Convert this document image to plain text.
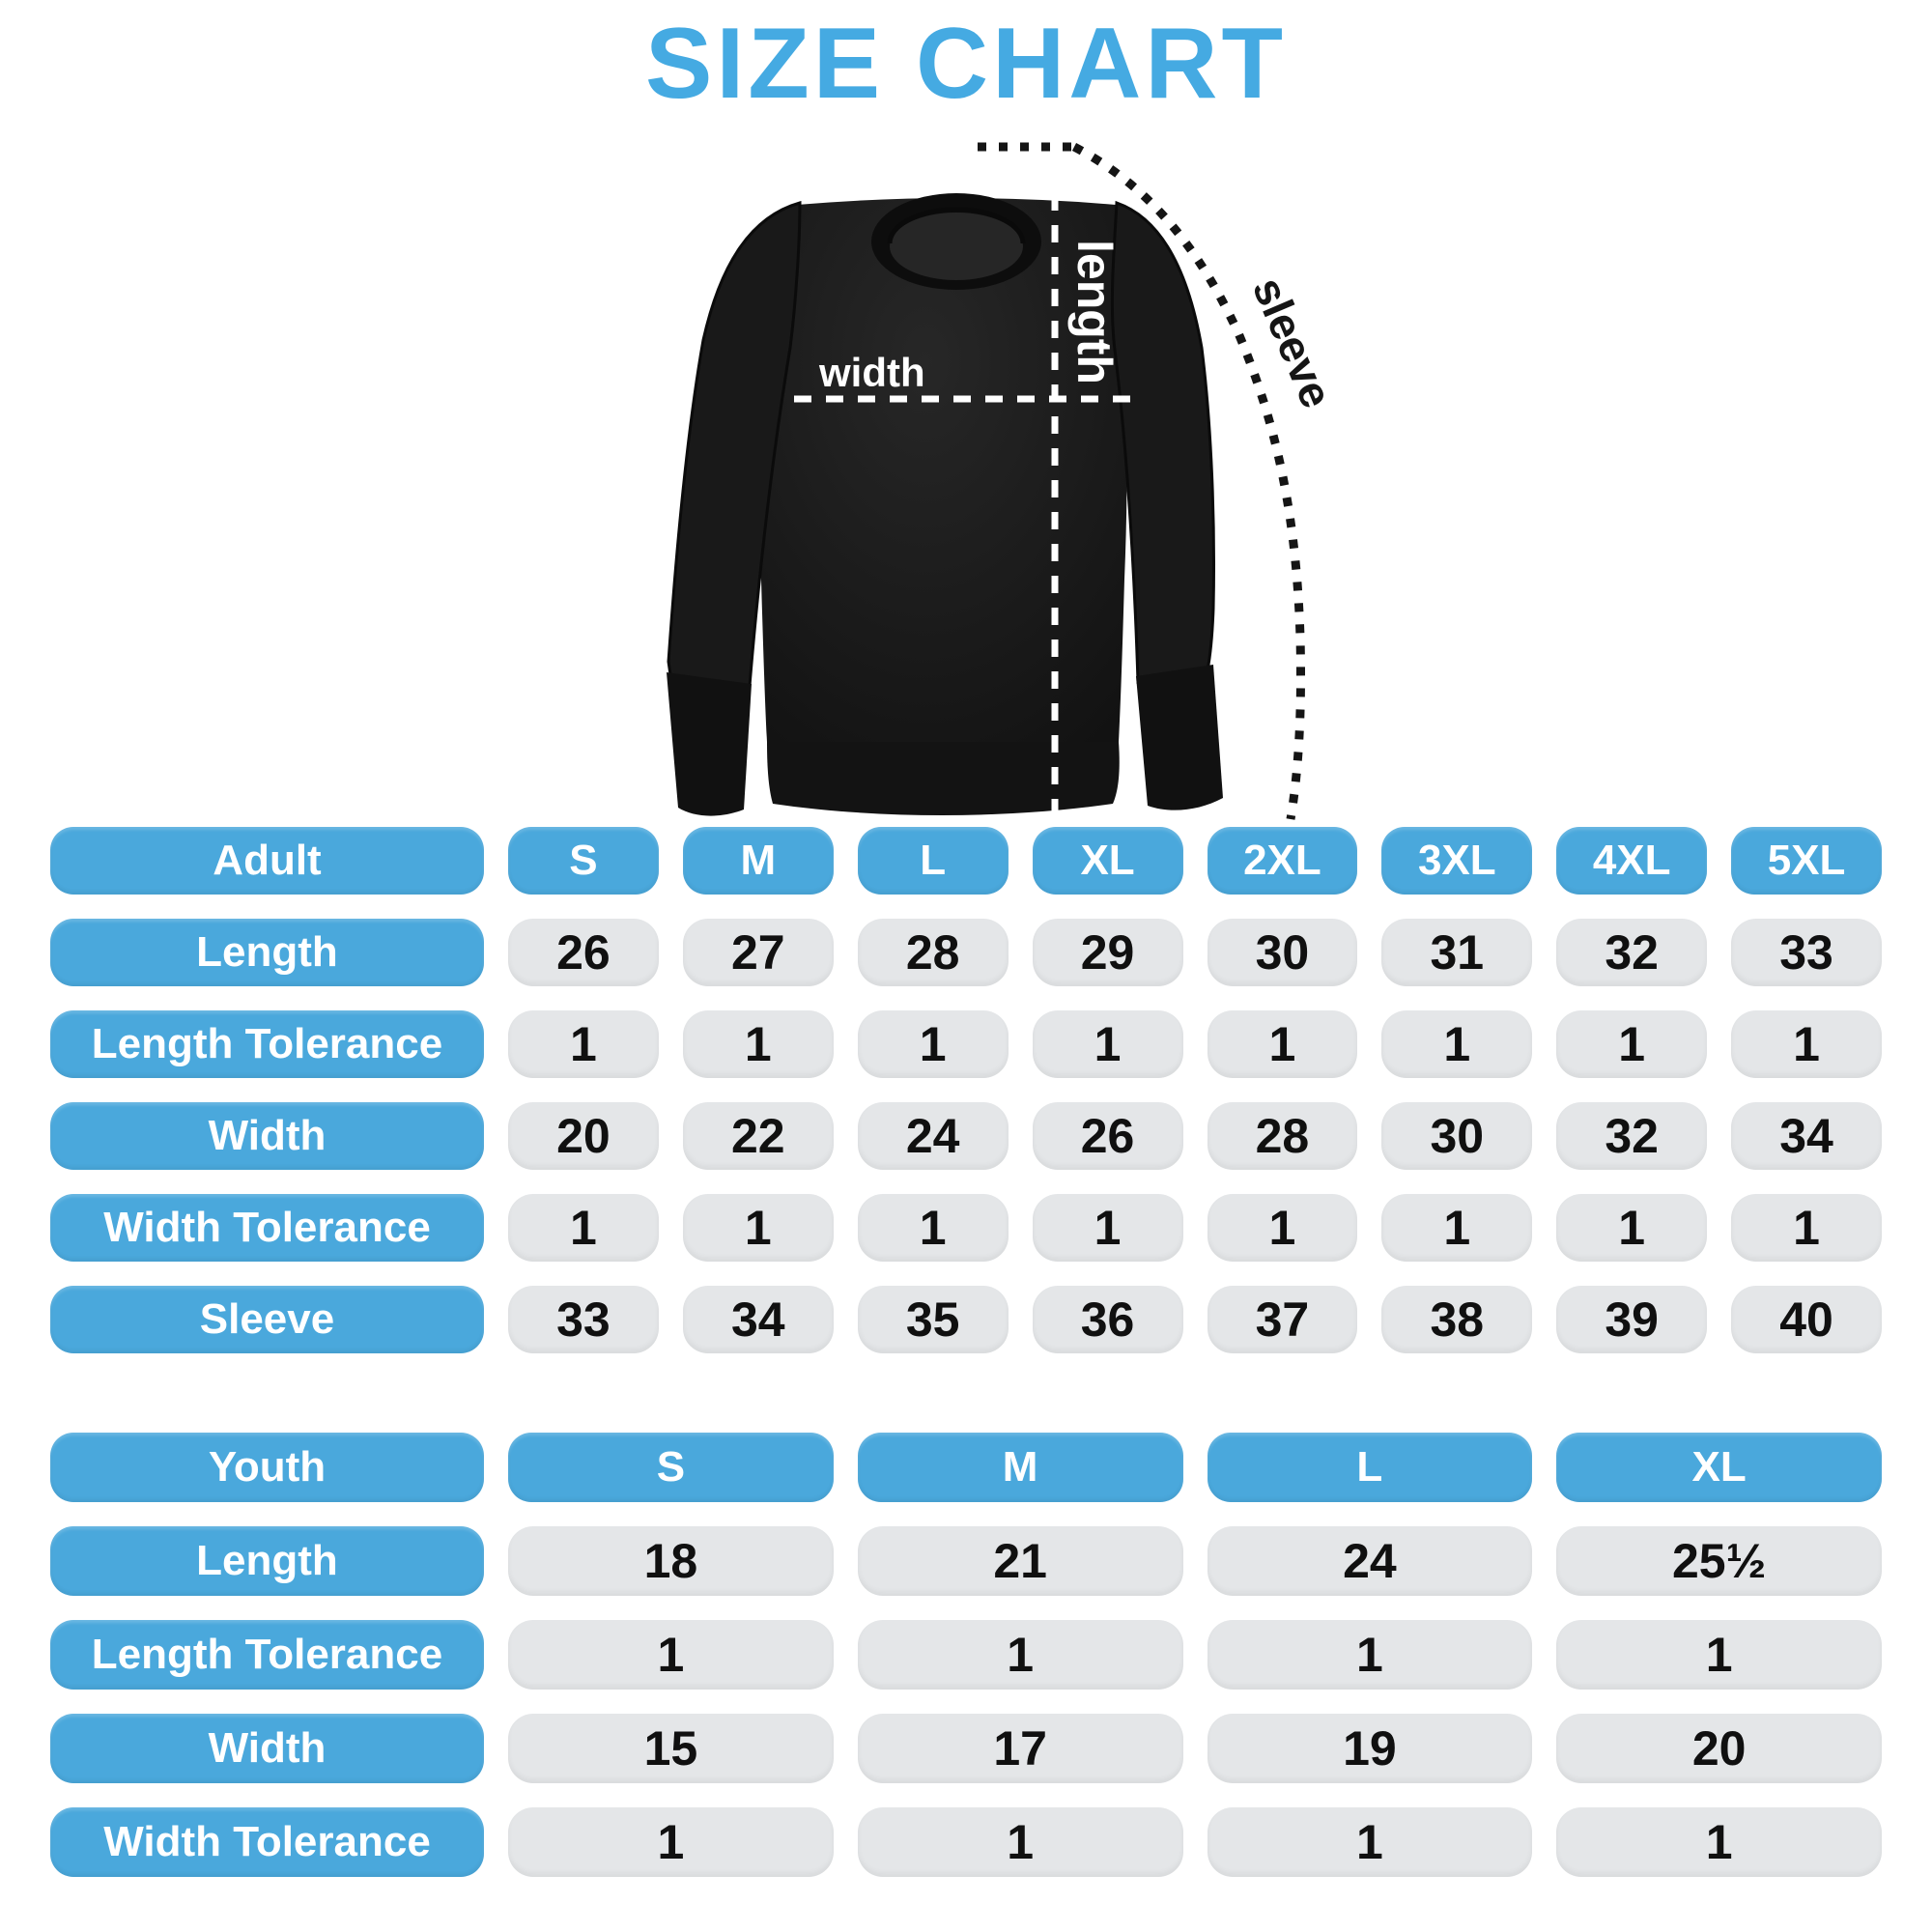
SIZE CHART
width	length	sleeve
Adult	S	M	L	XL	2XL	3XL	4XL	5XL
Length	26	27	28	29	30	31	32	33
Length Tolerance	1	1	1	1	1	1	1	1
Width	20	22	24	26	28	30	32	34
Width Tolerance	1	1	1	1	1	1	1	1
Sleeve	33	34	35	36	37	38	39	40
Youth	S	M	L	XL
Length	18	21	24	25½
Length Tolerance	1	1	1	1
Width	15	17	19	20
Width Tolerance	1	1	1	1
